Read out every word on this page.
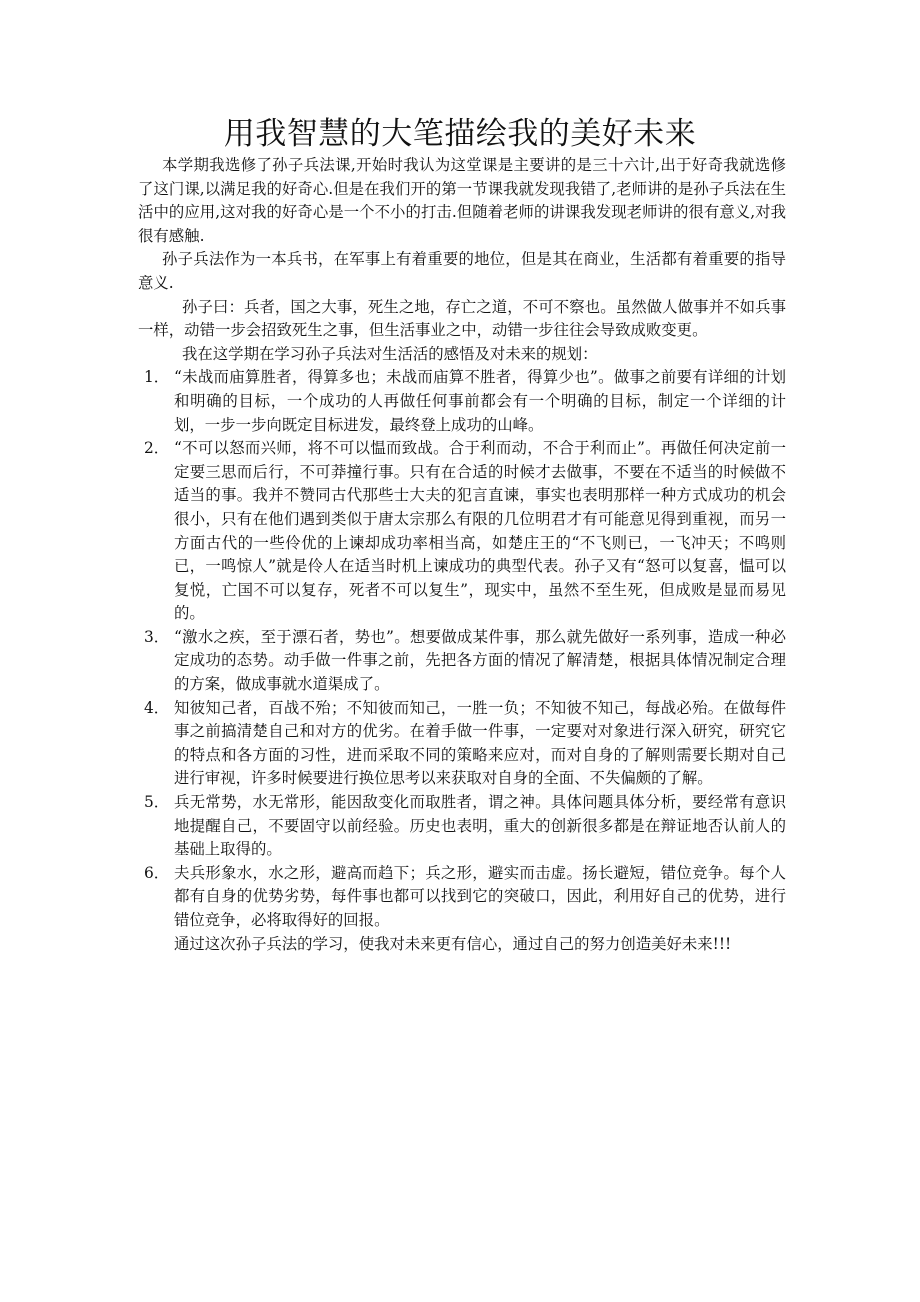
用我智慧的大笔描绘我的美好未来

本学期我选修了孙子兵法课,开始时我认为这堂课是主要讲的是三十六计,出于好奇我就选修了这门课,以满足我的好奇心.但是在我们开的第一节课我就发现我错了,老师讲的是孙子兵法在生活中的应用,这对我的好奇心是一个不小的打击.但随着老师的讲课我发现老师讲的很有意义,对我很有感触.

孙子兵法作为一本兵书，在军事上有着重要的地位，但是其在商业，生活都有着重要的指导意义.

孙子曰：兵者，国之大事，死生之地，存亡之道，不可不察也。虽然做人做事并不如兵事一样，动错一步会招致死生之事，但生活事业之中，动错一步往往会导致成败变更。

我在这学期在学习孙子兵法对生活活的感悟及对未来的规划：

1． “未战而庙算胜者，得算多也；未战而庙算不胜者，得算少也”。做事之前要有详细的计划和明确的目标，一个成功的人再做任何事前都会有一个明确的目标，制定一个详细的计划，一步一步向既定目标进发，最终登上成功的山峰。
2． “不可以怒而兴师，将不可以愠而致战。合于利而动，不合于利而止”。再做任何决定前一定要三思而后行，不可莽撞行事。只有在合适的时候才去做事，不要在不适当的时候做不适当的事。我并不赞同古代那些士大夫的犯言直谏，事实也表明那样一种方式成功的机会很小，只有在他们遇到类似于唐太宗那么有限的几位明君才有可能意见得到重视，而另一方面古代的一些伶优的上谏却成功率相当高，如楚庄王的“不飞则已，一飞冲天；不鸣则已，一鸣惊人”就是伶人在适当时机上谏成功的典型代表。孙子又有“怒可以复喜，愠可以复悦，亡国不可以复存，死者不可以复生”，现实中，虽然不至生死，但成败是显而易见的。
3． “激水之疾，至于漂石者，势也”。想要做成某件事，那么就先做好一系列事，造成一种必定成功的态势。动手做一件事之前，先把各方面的情况了解清楚，根据具体情况制定合理的方案，做成事就水道渠成了。
4． 知彼知己者，百战不殆；不知彼而知己，一胜一负；不知彼不知己，每战必殆。在做每件事之前搞清楚自己和对方的优劣。在着手做一件事，一定要对对象进行深入研究，研究它的特点和各方面的习性，进而采取不同的策略来应对，而对自身的了解则需要长期对自己进行审视，许多时候要进行换位思考以来获取对自身的全面、不失偏颇的了解。
5． 兵无常势，水无常形，能因敌变化而取胜者，谓之神。具体问题具体分析，要经常有意识地提醒自己，不要固守以前经验。历史也表明，重大的创新很多都是在辩证地否认前人的基础上取得的。
6． 夫兵形象水，水之形，避高而趋下；兵之形，避实而击虚。扬长避短，错位竞争。每个人都有自身的优势劣势，每件事也都可以找到它的突破口，因此，利用好自己的优势，进行错位竞争，必将取得好的回报。

通过这次孙子兵法的学习，使我对未来更有信心，通过自己的努力创造美好未来!!!
